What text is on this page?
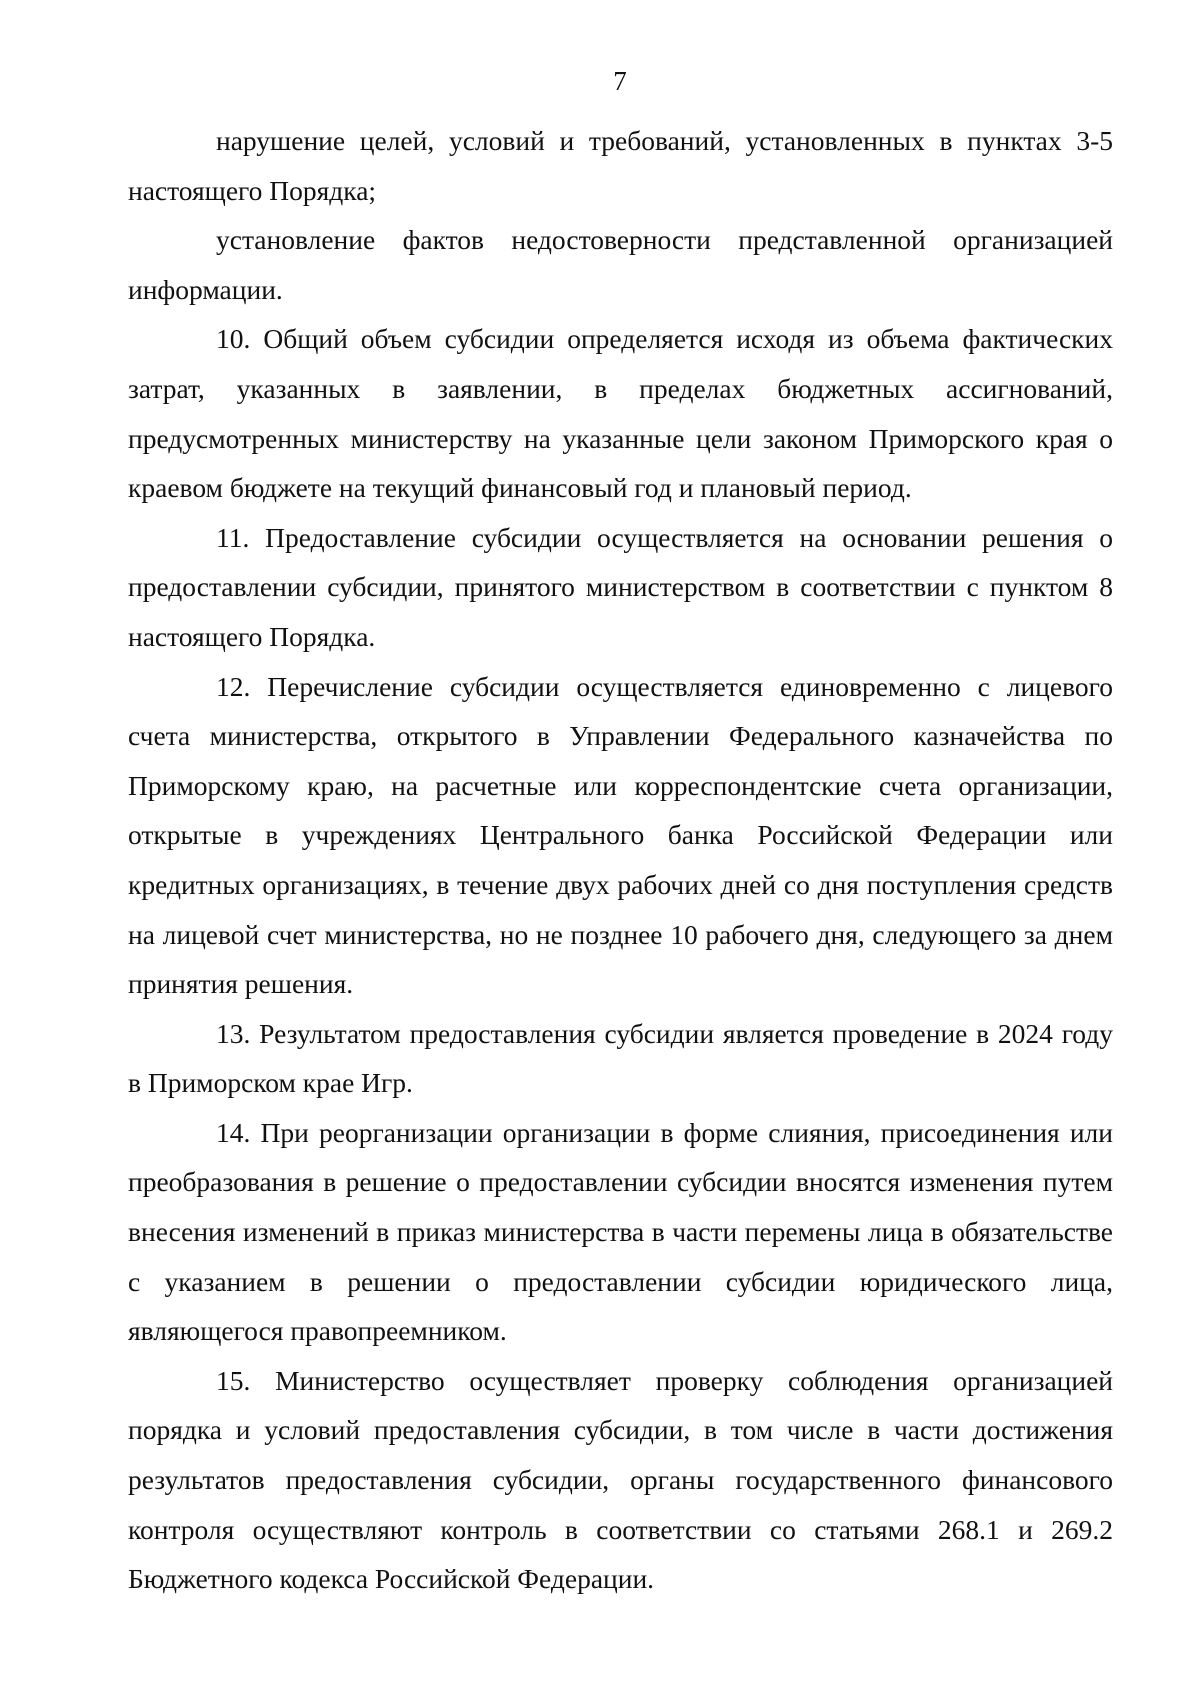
7

нарушение целей, условий и требований, установленных в пунктах 3-5 настоящего Порядка;

установление фактов недостоверности представленной организацией информации.

10. Общий объем субсидии определяется исходя из объема фактических затрат, указанных в заявлении, в пределах бюджетных ассигнований, предусмотренных министерству на указанные цели законом Приморского края о краевом бюджете на текущий финансовый год и плановый период.

11. Предоставление субсидии осуществляется на основании решения о предоставлении субсидии, принятого министерством в соответствии с пунктом 8 настоящего Порядка.

12. Перечисление субсидии осуществляется единовременно с лицевого счета министерства, открытого в Управлении Федерального казначейства по Приморскому краю, на расчетные или корреспондентские счета организации, открытые в учреждениях Центрального банка Российской Федерации или кредитных организациях, в течение двух рабочих дней со дня поступления средств на лицевой счет министерства, но не позднее 10 рабочего дня, следующего за днем принятия решения.

13. Результатом предоставления субсидии является проведение в 2024 году в Приморском крае Игр.

14. При реорганизации организации в форме слияния, присоединения или преобразования в решение о предоставлении субсидии вносятся изменения путем внесения изменений в приказ министерства в части перемены лица в обязательстве с указанием в решении о предоставлении субсидии юридического лица, являющегося правопреемником.

15. Министерство осуществляет проверку соблюдения организацией порядка и условий предоставления субсидии, в том числе в части достижения результатов предоставления субсидии, органы государственного финансового контроля осуществляют контроль в соответствии со статьями 268.1 и 269.2 Бюджетного кодекса Российской Федерации.
